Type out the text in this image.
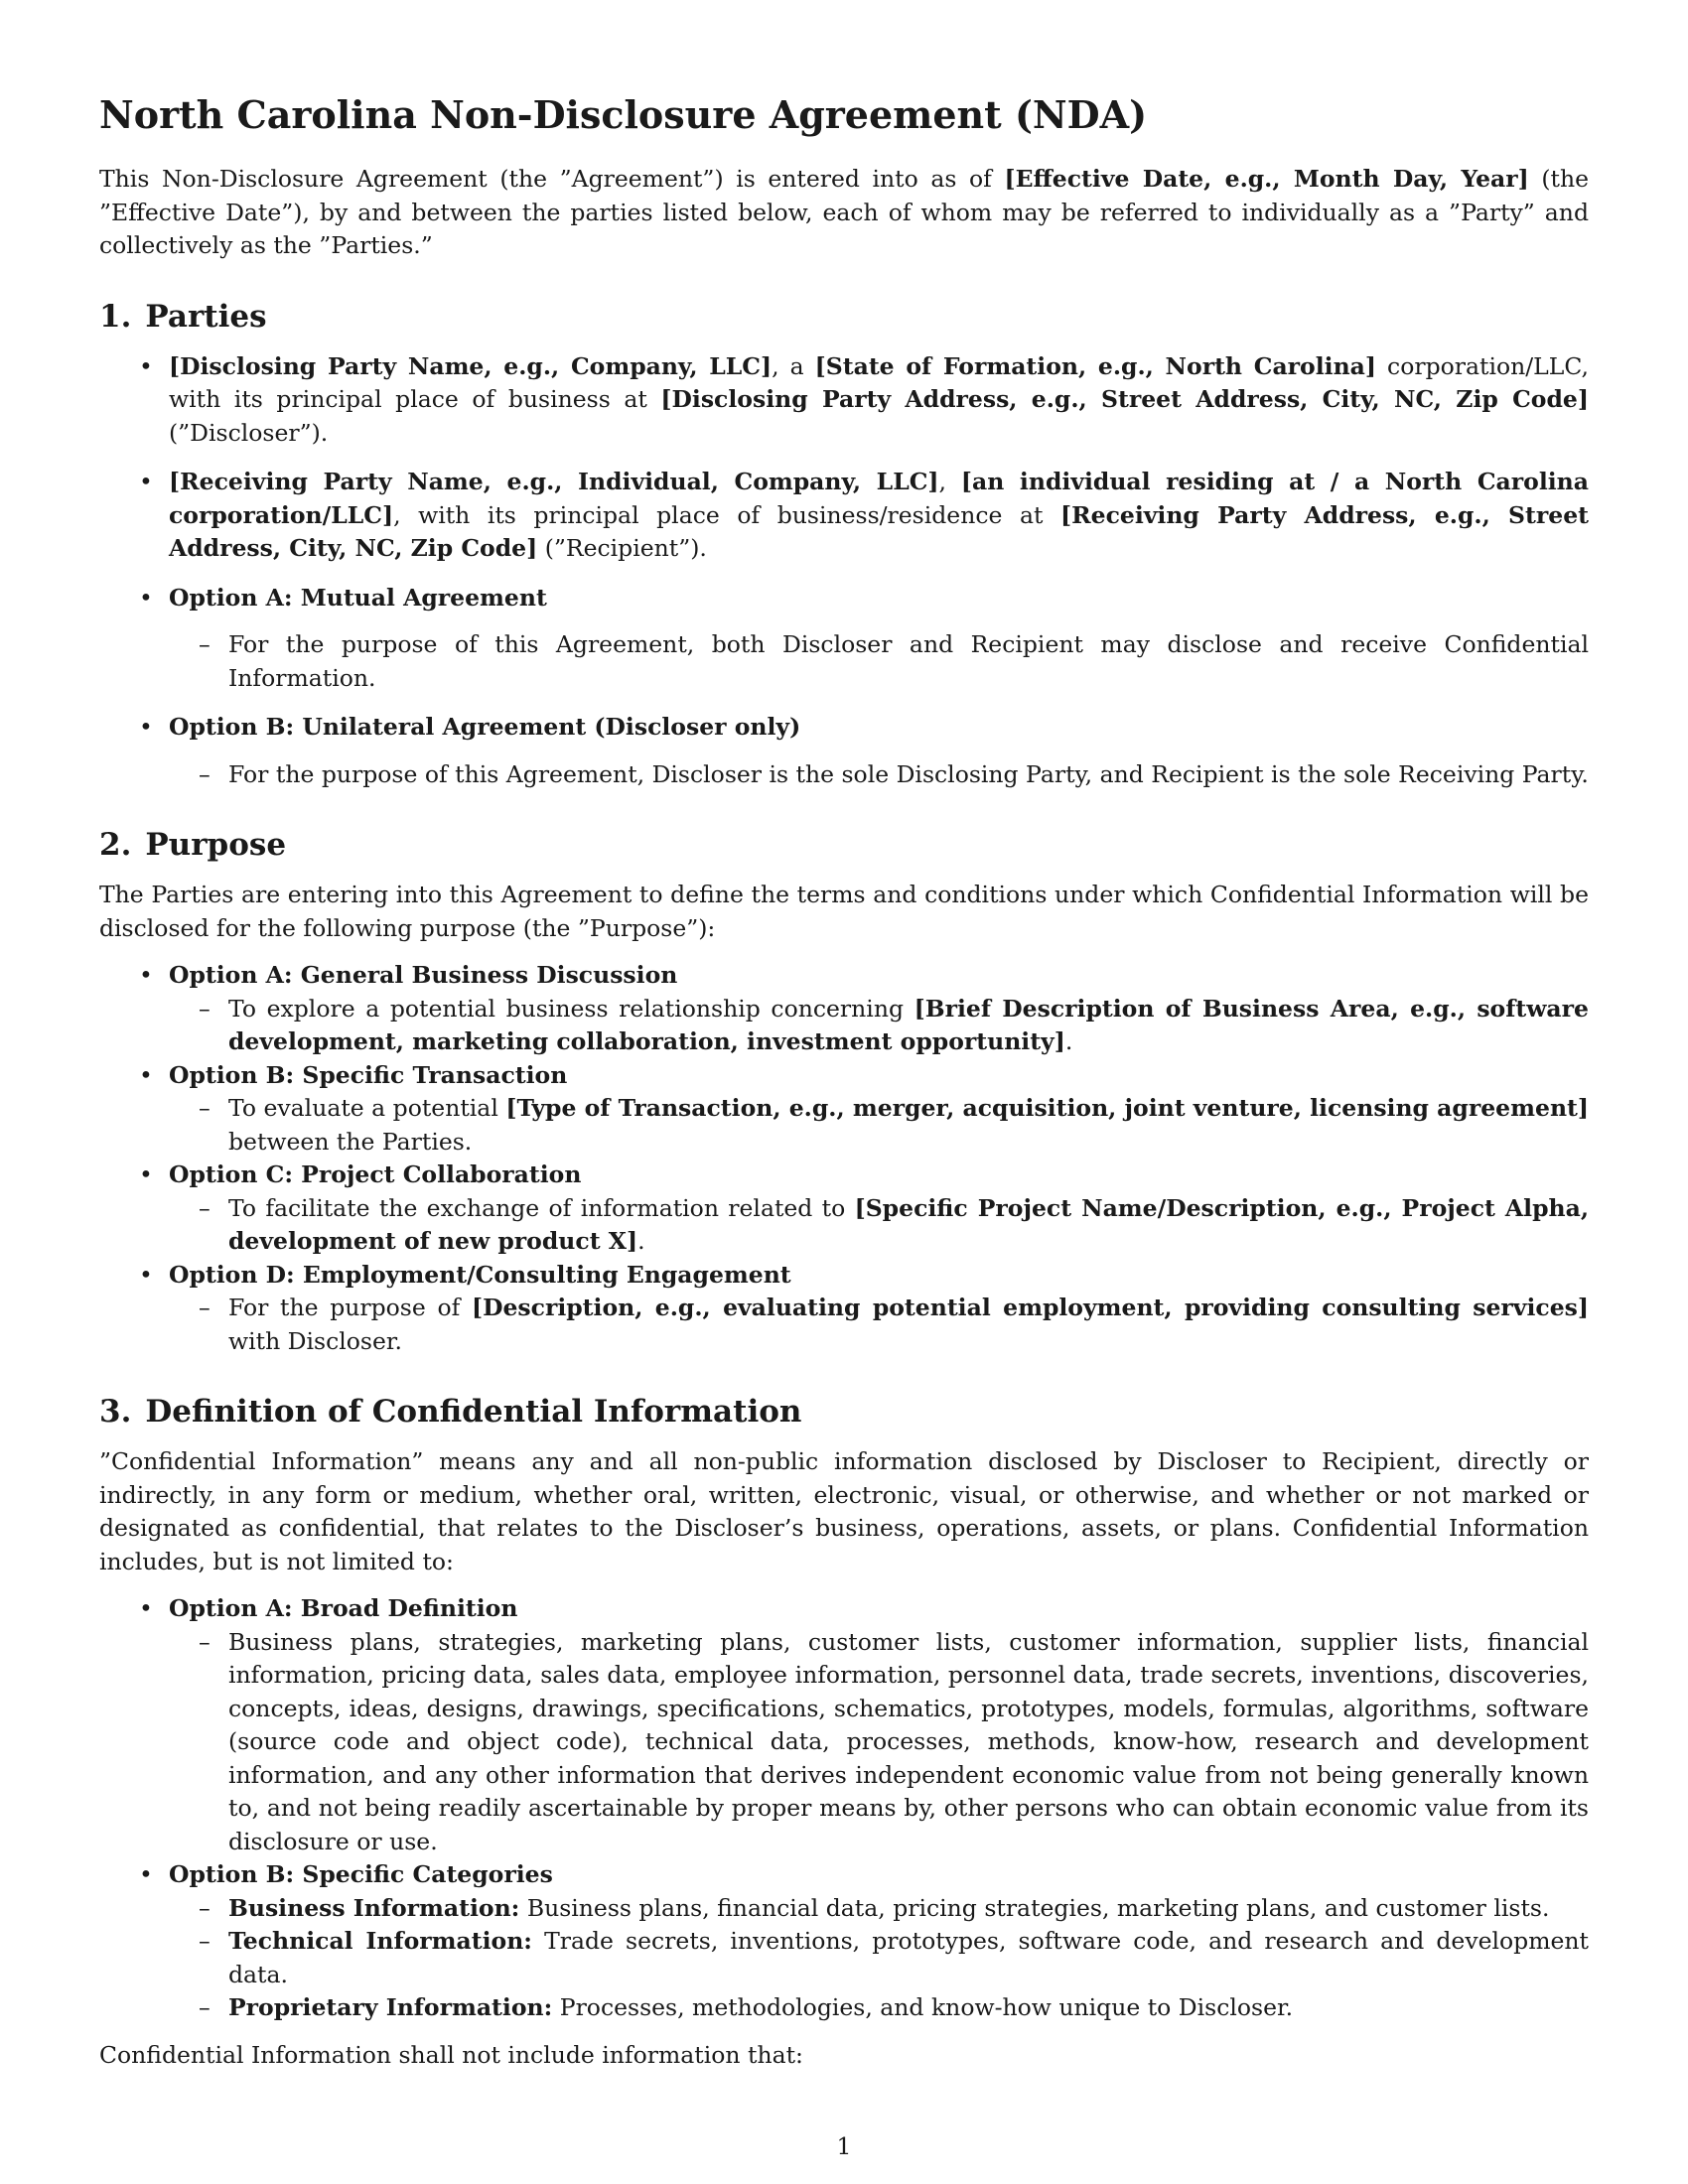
North Carolina Non-Disclosure Agreement (NDA)

This Non-Disclosure Agreement (the ”Agreement”) is entered into as of [Effective Date, e.g., Month Day, Year] (the ”Effective Date”), by and between the parties listed below, each of whom may be referred to individually as a ”Party” and collectively as the ”Parties.”

1. Parties
• [Disclosing Party Name, e.g., Company, LLC], a [State of Formation, e.g., North Carolina] corporation/LLC, with its principal place of business at [Disclosing Party Address, e.g., Street Address, City, NC, Zip Code] (”Discloser”).
• [Receiving Party Name, e.g., Individual, Company, LLC], [an individual residing at / a North Carolina corporation/LLC], with its principal place of business/residence at [Receiving Party Address, e.g., Street Address, City, NC, Zip Code] (”Recipient”).
• Option A: Mutual Agreement
– For the purpose of this Agreement, both Discloser and Recipient may disclose and receive Confidential Information.
• Option B: Unilateral Agreement (Discloser only)
– For the purpose of this Agreement, Discloser is the sole Disclosing Party, and Recipient is the sole Receiving Party.
2. Purpose

The Parties are entering into this Agreement to define the terms and conditions under which Confidential Information will be disclosed for the following purpose (the ”Purpose”):

• Option A: General Business Discussion
– To explore a potential business relationship concerning [Brief Description of Business Area, e.g., software development, marketing collaboration, investment opportunity].
• Option B: Specific Transaction
– To evaluate a potential [Type of Transaction, e.g., merger, acquisition, joint venture, licensing agreement] between the Parties.
• Option C: Project Collaboration
– To facilitate the exchange of information related to [Specific Project Name/Description, e.g., Project Alpha, development of new product X].
• Option D: Employment/Consulting Engagement
– For the purpose of [Description, e.g., evaluating potential employment, providing consulting services] with Discloser.
3. Definition of Confidential Information

”Confidential Information” means any and all non-public information disclosed by Discloser to Recipient, directly or indirectly, in any form or medium, whether oral, written, electronic, visual, or otherwise, and whether or not marked or designated as confidential, that relates to the Discloser’s business, operations, assets, or plans. Confidential Information includes, but is not limited to:

• Option A: Broad Definition
– Business plans, strategies, marketing plans, customer lists, customer information, supplier lists, financial information, pricing data, sales data, employee information, personnel data, trade secrets, inventions, discoveries, concepts, ideas, designs, drawings, specifications, schematics, prototypes, models, formulas, algorithms, software (source code and object code), technical data, processes, methods, know-how, research and development information, and any other information that derives independent economic value from not being generally known to, and not being readily ascertainable by proper means by, other persons who can obtain economic value from its disclosure or use.
• Option B: Specific Categories
– Business Information: Business plans, financial data, pricing strategies, marketing plans, and customer lists.
– Technical Information: Trade secrets, inventions, prototypes, software code, and research and development data.
– Proprietary Information: Processes, methodologies, and know-how unique to Discloser.

Confidential Information shall not include information that:

1
